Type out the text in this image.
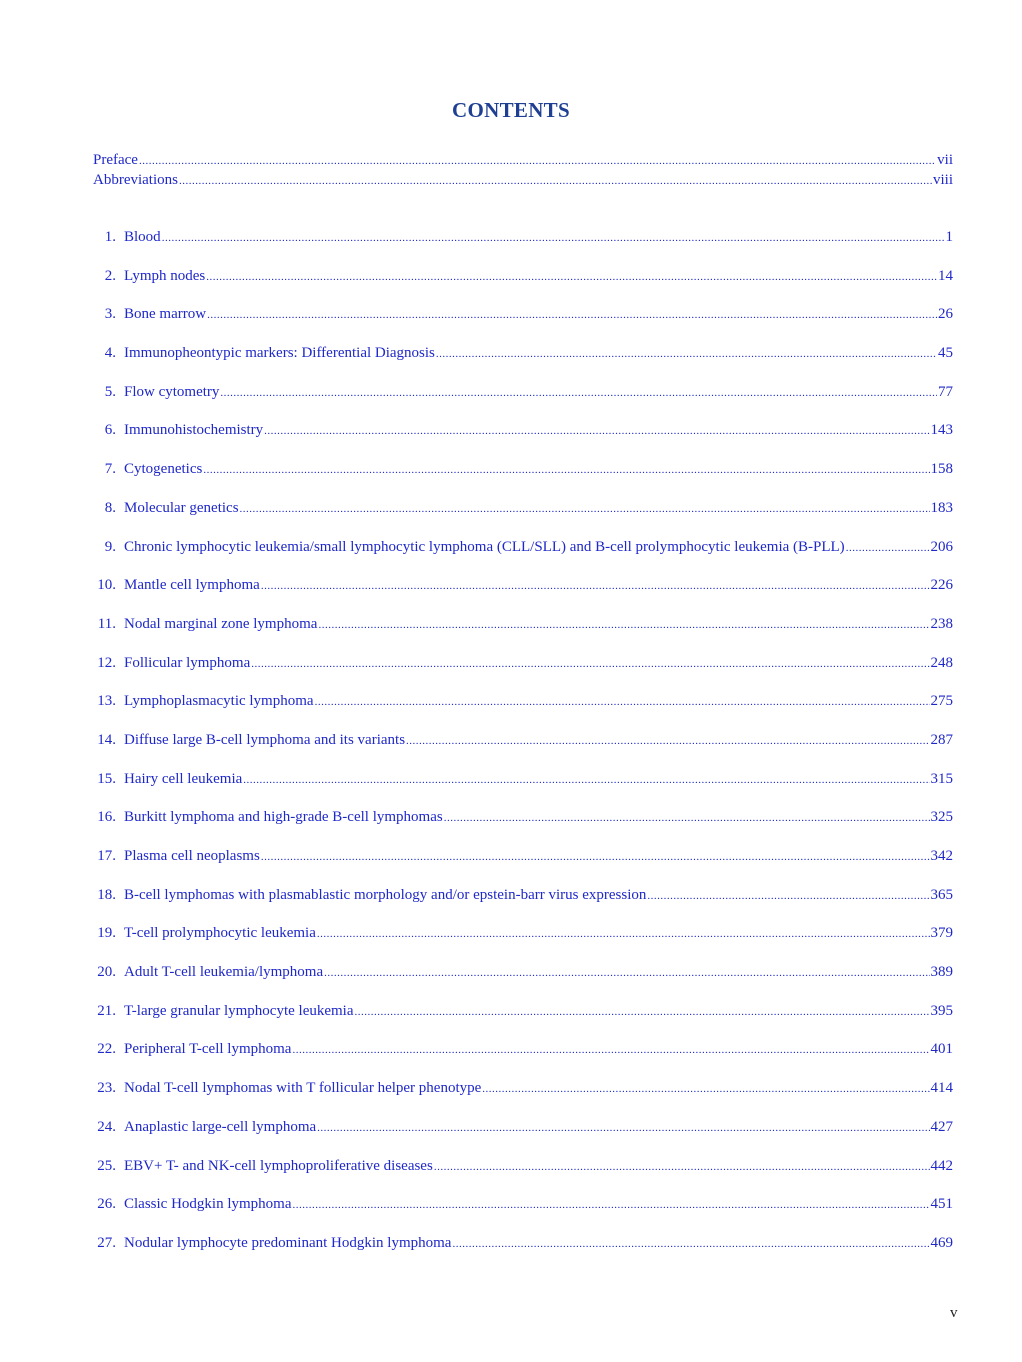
CONTENTS
Preface .....	vii
Abbreviations .....	viii
1. Blood .....	1
2. Lymph nodes .....	14
3. Bone marrow .....	26
4. Immunopheontypic markers: Differential Diagnosis .....	45
5. Flow cytometry .....	77
6. Immunohistochemistry .....	143
7. Cytogenetics .....	158
8. Molecular genetics .....	183
9. Chronic lymphocytic leukemia/small lymphocytic lymphoma (CLL/SLL) and B-cell prolymphocytic leukemia (B-PLL) .....	206
10. Mantle cell lymphoma .....	226
11. Nodal marginal zone lymphoma .....	238
12. Follicular lymphoma .....	248
13. Lymphoplasmacytic lymphoma .....	275
14. Diffuse large B-cell lymphoma and its variants .....	287
15. Hairy cell leukemia .....	315
16. Burkitt lymphoma and high-grade B-cell lymphomas .....	325
17. Plasma cell neoplasms .....	342
18. B-cell lymphomas with plasmablastic morphology and/or epstein-barr virus expression .....	365
19. T-cell prolymphocytic leukemia .....	379
20. Adult T-cell leukemia/lymphoma .....	389
21. T-large granular lymphocyte leukemia .....	395
22. Peripheral T-cell lymphoma .....	401
23. Nodal T-cell lymphomas with T follicular helper phenotype .....	414
24. Anaplastic large-cell lymphoma .....	427
25. EBV+ T- and NK-cell lymphoproliferative diseases .....	442
26. Classic Hodgkin lymphoma .....	451
27. Nodular lymphocyte predominant Hodgkin lymphoma .....	469
v
